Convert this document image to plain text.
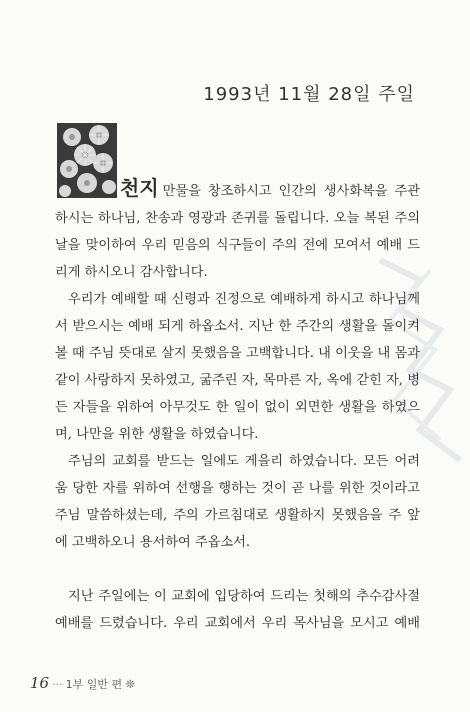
1993년 11월 28일 주일
천지 만물을 창조하시고 인간의 생사화복을 주관
하시는 하나님, 찬송과 영광과 존귀를 돌립니다. 오늘 복된 주의
날을 맞이하여 우리 믿음의 식구들이 주의 전에 모여서 예배 드
리게 하시오니 감사합니다.
우리가 예배할 때 신령과 진정으로 예배하게 하시고 하나님께
서 받으시는 예배 되게 하옵소서. 지난 한 주간의 생활을 돌이켜
볼 때 주님 뜻대로 살지 못했음을 고백합니다. 내 이웃을 내 몸과
같이 사랑하지 못하였고, 굶주린 자, 목마른 자, 옥에 갇힌 자, 병
든 자들을 위하여 아무것도 한 일이 없이 외면한 생활을 하였으
며, 나만을 위한 생활을 하였습니다.
주님의 교회를 받드는 일에도 게을리 하였습니다. 모든 어려
움 당한 자를 위하여 선행을 행하는 것이 곧 나를 위한 것이라고
주님 말씀하셨는데, 주의 가르침대로 생활하지 못했음을 주 앞
에 고백하오니 용서하여 주옵소서.
지난 주일에는 이 교회에 입당하여 드리는 첫해의 추수감사절
예배를 드렸습니다. 우리 교회에서 우리 목사님을 모시고 예배
16 ··· 1부 일반 편 ❊
